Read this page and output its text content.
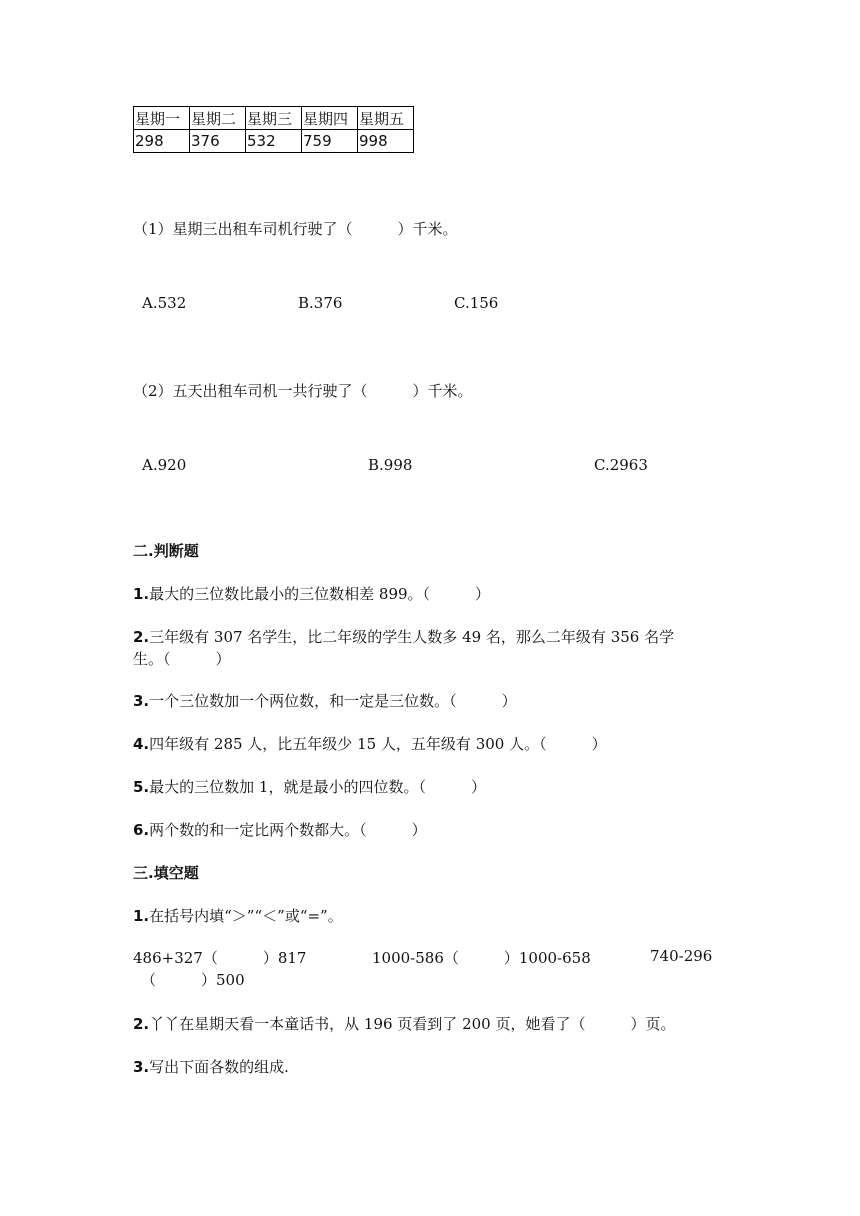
星期一	星期二	星期三	星期四	星期五
298	376	532	759	998
（1）星期三出租车司机行驶了（　　　）千米。
A.532	B.376	C.156
（2）五天出租车司机一共行驶了（　　　）千米。
A.920	B.998	C.2963
二.判断题
1.最大的三位数比最小的三位数相差 899。（　　　）
2.三年级有 307 名学生，比二年级的学生人数多 49 名，那么二年级有 356 名学
生。（　　　）
3.一个三位数加一个两位数，和一定是三位数。（　　　）
4.四年级有 285 人，比五年级少 15 人，五年级有 300 人。（　　　）
5.最大的三位数加 1，就是最小的四位数。（　　　）
6.两个数的和一定比两个数都大。（　　　）
三.填空题
1.在括号内填“＞”“＜”或“=”。
486+327（　　　）817	1000-586（　　　）1000-658	740-296
（　　　）500
2.丫丫在星期天看一本童话书，从 196 页看到了 200 页，她看了（　　　）页。
3.写出下面各数的组成.
